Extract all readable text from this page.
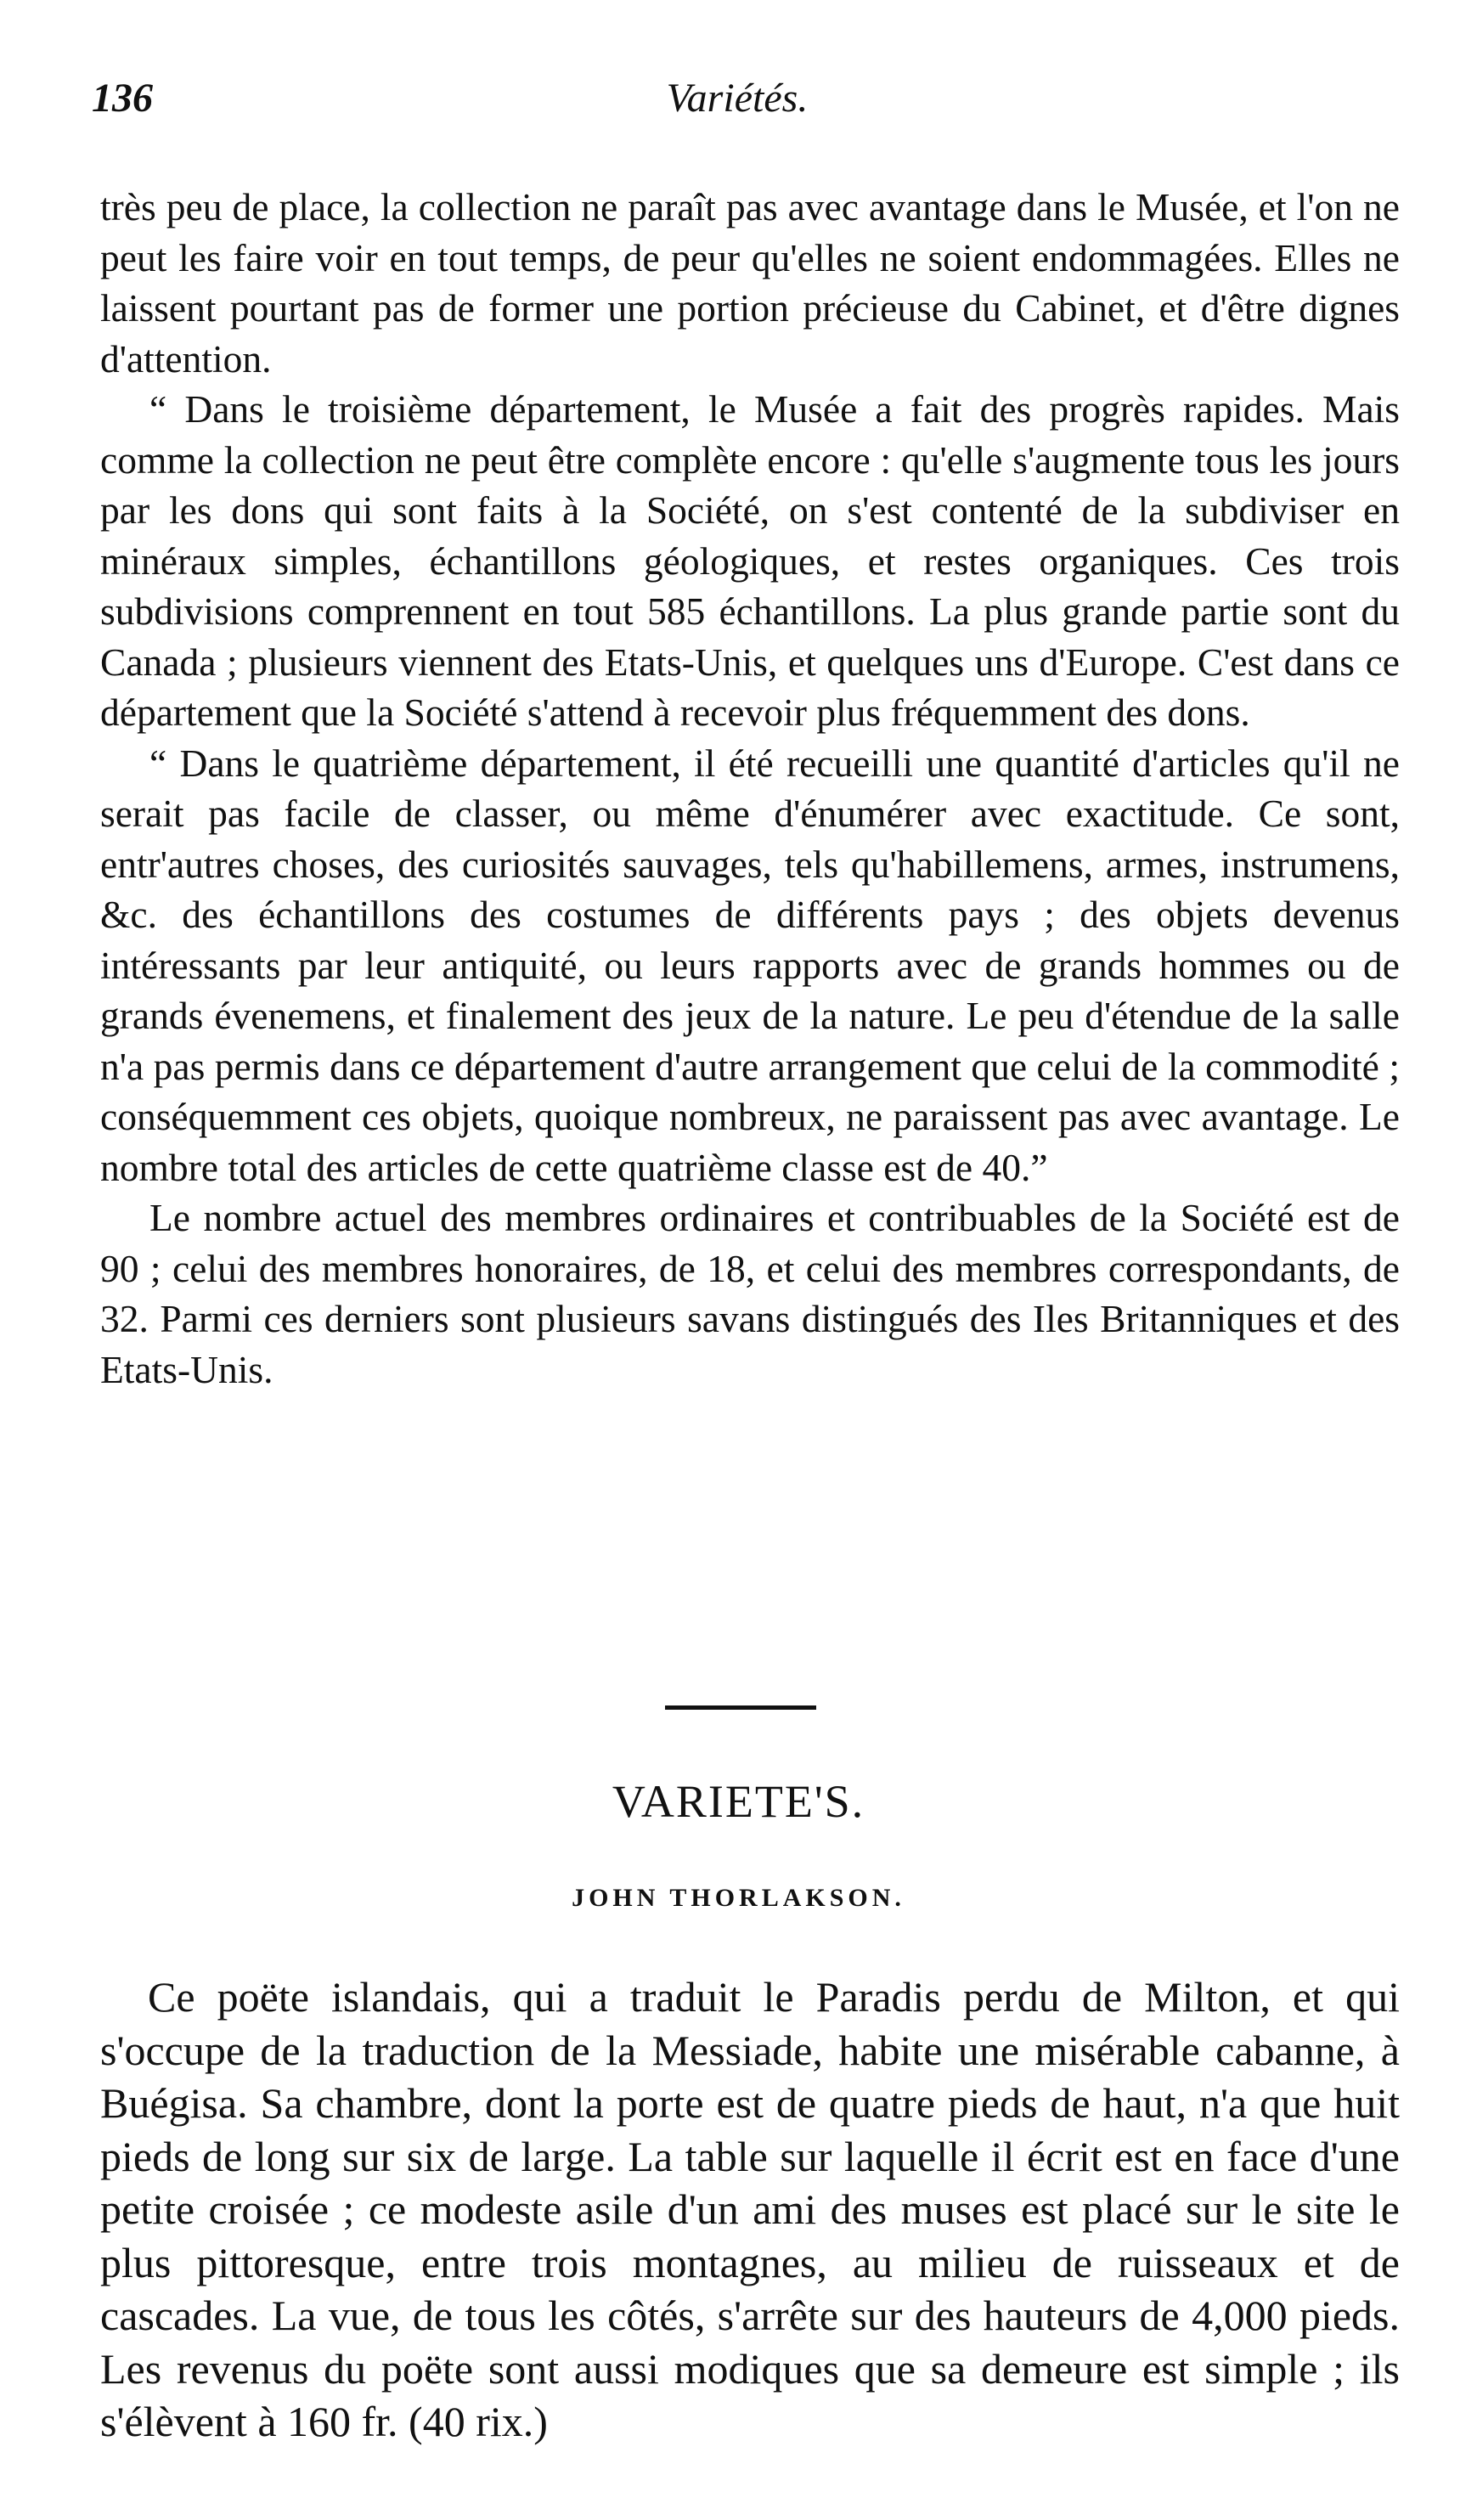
136	Variétés.

très peu de place, la collection ne paraît pas avec avantage dans le Musée, et l'on ne peut les faire voir en tout temps, de peur qu'elles ne soient endommagées. Elles ne laissent pourtant pas de former une portion précieuse du Cabinet, et d'être dignes d'attention.

“ Dans le troisième département, le Musée a fait des progrès rapides. Mais comme la collection ne peut être complète encore : qu'elle s'augmente tous les jours par les dons qui sont faits à la Société, on s'est contenté de la subdiviser en minéraux simples, échantillons géologiques, et restes organiques. Ces trois subdivisions comprennent en tout 585 échantillons. La plus grande partie sont du Canada ; plusieurs viennent des Etats-Unis, et quelques uns d'Europe. C'est dans ce département que la Société s'attend à recevoir plus fréquemment des dons.

“ Dans le quatrième département, il été recueilli une quantité d'articles qu'il ne serait pas facile de classer, ou même d'énumérer avec exactitude. Ce sont, entr'autres choses, des curiosités sauvages, tels qu'habillemens, armes, instrumens, &c. des échantillons des costumes de différents pays ; des objets devenus intéressants par leur antiquité, ou leurs rapports avec de grands hommes ou de grands évenemens, et finalement des jeux de la nature. Le peu d'étendue de la salle n'a pas permis dans ce département d'autre arrangement que celui de la commodité ; conséquemment ces objets, quoique nombreux, ne paraissent pas avec avantage. Le nombre total des articles de cette quatrième classe est de 40.”

Le nombre actuel des membres ordinaires et contribuables de la Société est de 90 ; celui des membres honoraires, de 18, et celui des membres correspondants, de 32. Parmi ces derniers sont plusieurs savans distingués des Iles Britanniques et des Etats-Unis.

VARIETE'S.
JOHN THORLAKSON.

Ce poëte islandais, qui a traduit le Paradis perdu de Milton, et qui s'occupe de la traduction de la Messiade, habite une misérable cabanne, à Buégisa. Sa chambre, dont la porte est de quatre pieds de haut, n'a que huit pieds de long sur six de large. La table sur laquelle il écrit est en face d'une petite croisée ; ce modeste asile d'un ami des muses est placé sur le site le plus pittoresque, entre trois montagnes, au milieu de ruisseaux et de cascades. La vue, de tous les côtés, s'arrête sur des hauteurs de 4,000 pieds. Les revenus du poëte sont aussi modiques que sa demeure est simple ; ils s'élèvent à 160 fr. (40 rix.)
